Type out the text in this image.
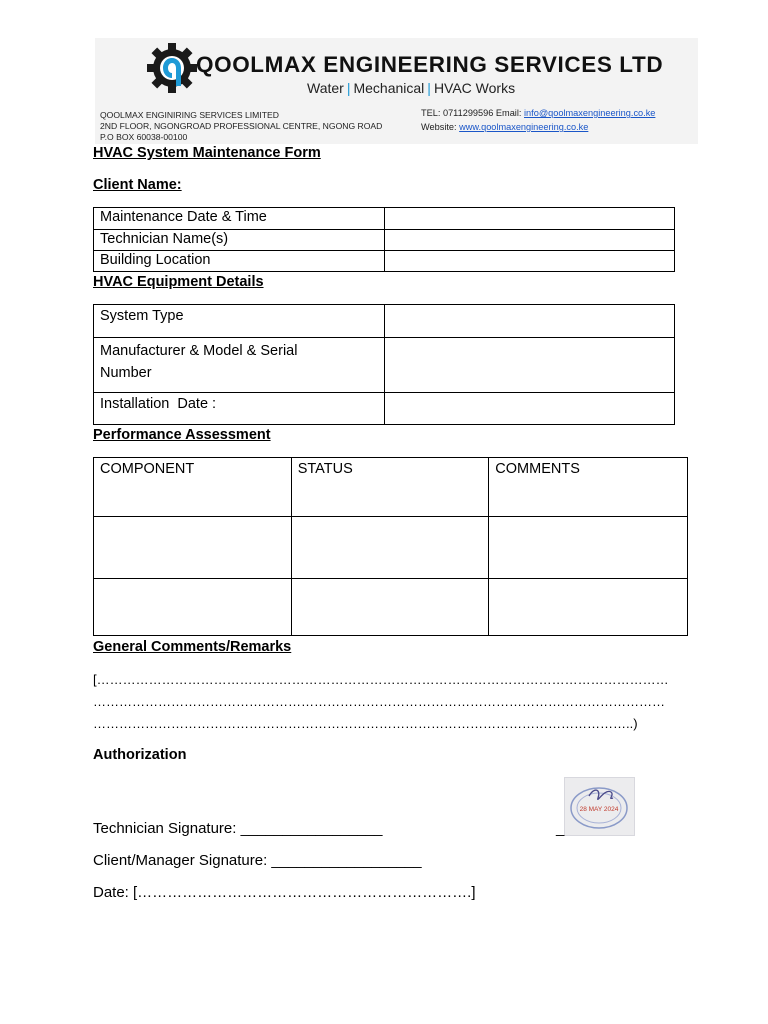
QOOLMAX ENGINEERING SERVICES LTD
Water | Mechanical | HVAC Works
QOOLMAX ENGINIRING SERVICES LIMITED
2ND FLOOR, NGONGROAD PROFESSIONAL CENTRE, NGONG ROAD
P.O BOX 60038-00100
TEL: 0711299596 Email: info@qoolmaxengineering.co.ke
Website: www.qoolmaxengineering.co.ke
HVAC System Maintenance Form
Client Name:
Maintenance Date & Time	
Technician Name(s)	
Building Location	
HVAC Equipment Details
System Type	
Manufacturer & Model & Serial Number	
Installation  Date :	
Performance Assessment
COMPONENT	STATUS	COMMENTS

General Comments/Remarks
[……………………………………………………………………………………………………………………
……………………………………………………………………………………………………………………
……………………………………………………………………………………………………………..)
Authorization
28 MAY 2024
Technician Signature: _________________	_
Client/Manager Signature: __________________
Date: [………………………………………………………….]
